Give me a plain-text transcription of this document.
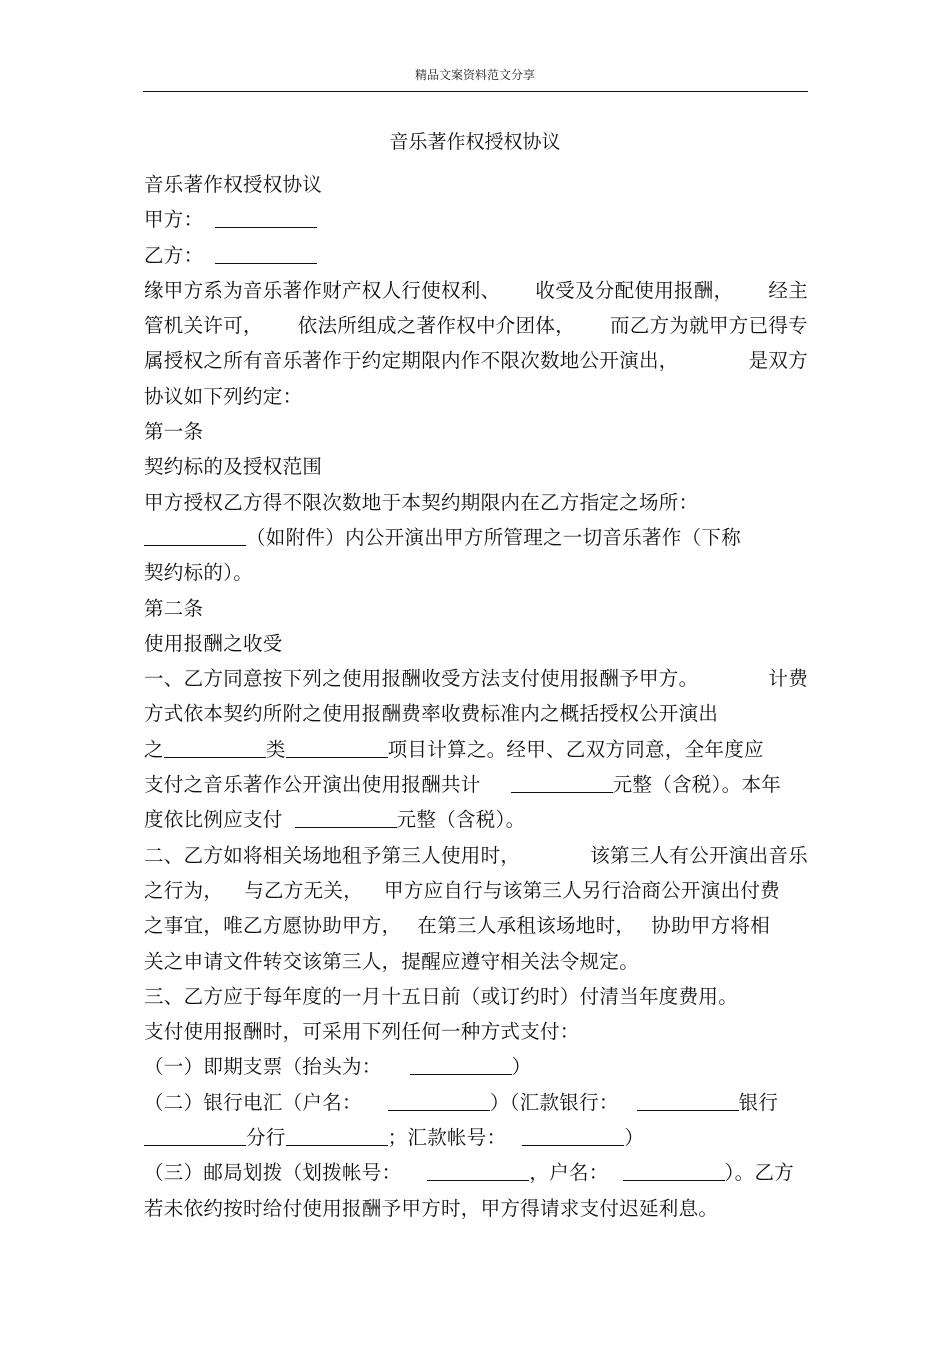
精品文案资料范文分享
音乐著作权授权协议
音乐著作权授权协议
甲方：
乙方：
缘甲方系为音乐著作财产权人行使权利、 收受及分配使用报酬， 经主
管机关许可， 依法所组成之著作权中介团体， 而乙方为就甲方已得专
属授权之所有音乐著作于约定期限内作不限次数地公开演出，	是双方
协议如下列约定：
第一条
契约标的及授权范围
甲方授权乙方得不限次数地于本契约期限内在乙方指定之场所：
（如附件）内公开演出甲方所管理之一切音乐著作（下称
契约标的）。
第二条
使用报酬之收受
一、乙方同意按下列之使用报酬收受方法支付使用报酬予甲方。	计费
方式依本契约所附之使用报酬费率收费标准内之概括授权公开演出
之	类	项目计算之。经甲、乙双方同意，全年度应
支付之音乐著作公开演出使用报酬共计	元整（含税）。本年
度依比例应支付	元整（含税）。
二、乙方如将相关场地租予第三人使用时，	该第三人有公开演出音乐
之行为， 与乙方无关， 甲方应自行与该第三人另行洽商公开演出付费
之事宜，唯乙方愿协助甲方， 在第三人承租该场地时， 协助甲方将相
关之申请文件转交该第三人，提醒应遵守相关法令规定。
三、乙方应于每年度的一月十五日前（或订约时）付清当年度费用。
支付使用报酬时，可采用下列任何一种方式支付：
（一）即期支票（抬头为：	）
（二）银行电汇（户名：	）（汇款银行：	银行
分行	；汇款帐号：	）
（三）邮局划拨（划拨帐号：	，户名：	）。乙方
若未依约按时给付使用报酬予甲方时，甲方得请求支付迟延利息。
